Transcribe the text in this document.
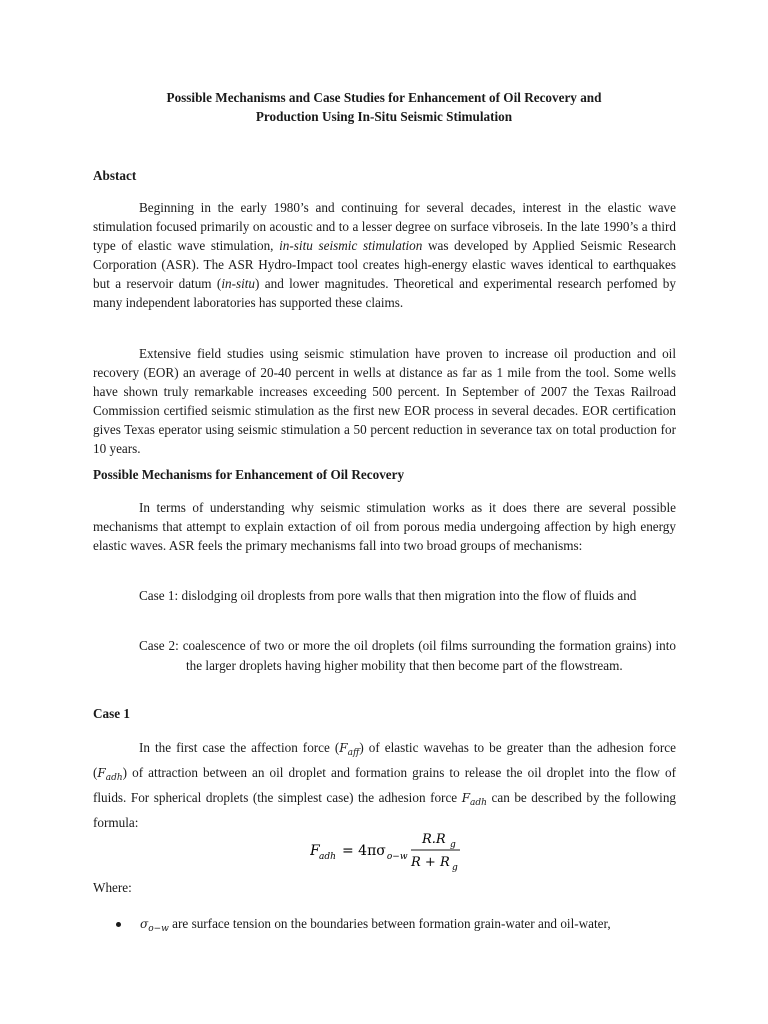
Possible Mechanisms and Case Studies for Enhancement of Oil Recovery and
Production Using In-Situ Seismic Stimulation
Abstact

Beginning in the early 1980’s and continuing for several decades, interest in the elastic wave stimulation focused primarily on acoustic and to a lesser degree on surface vibroseis. In the late 1990’s a third type of elastic wave stimulation, in-situ seismic stimulation was developed by Applied Seismic Research Corporation (ASR). The ASR Hydro-Impact tool creates high-energy elastic waves identical to earthquakes but a reservoir datum (in-situ) and lower magnitudes. Theoretical and experimental research perfomed by many independent laboratories has supported these claims.

Extensive field studies using seismic stimulation have proven to increase oil production and oil recovery (EOR) an average of 20-40 percent in wells at distance as far as 1 mile from the tool. Some wells have shown truly remarkable increases exceeding 500 percent. In September of 2007 the Texas Railroad Commission certified seismic stimulation as the first new EOR process in several decades. EOR certification gives Texas eperator using seismic stimulation a 50 percent reduction in severance tax on total production for 10 years.

Possible Mechanisms for Enhancement of Oil Recovery

In terms of understanding why seismic stimulation works as it does there are several possible mechanisms that attempt to explain extaction of oil from porous media undergoing affection by high energy elastic waves. ASR feels the primary mechanisms fall into two broad groups of mechanisms:

Case 1: dislodging oil droplests from pore walls that then migration into the flow of fluids and

Case 2: coalescence of two or more the oil droplets (oil films surrounding the formation grains) into the larger droplets having higher mobility that then become part of the flowstream.

Case 1

In the first case the affection force $(F_{aff})$ of elastic wavehas to be greater than the adhesion force $(F_{adh})$ of attraction between an oil droplet and formation grains to release the oil droplet into the flow of fluids. For spherical droplets (the simplest case) the adhesion force $F_{adh}$ can be described by the following formula:

F adh = 4πσ o−w
R.R g
R + R g
Where:
$\sigma_{o-w}$ are surface tension on the boundaries between formation grain-water and oil-water,
